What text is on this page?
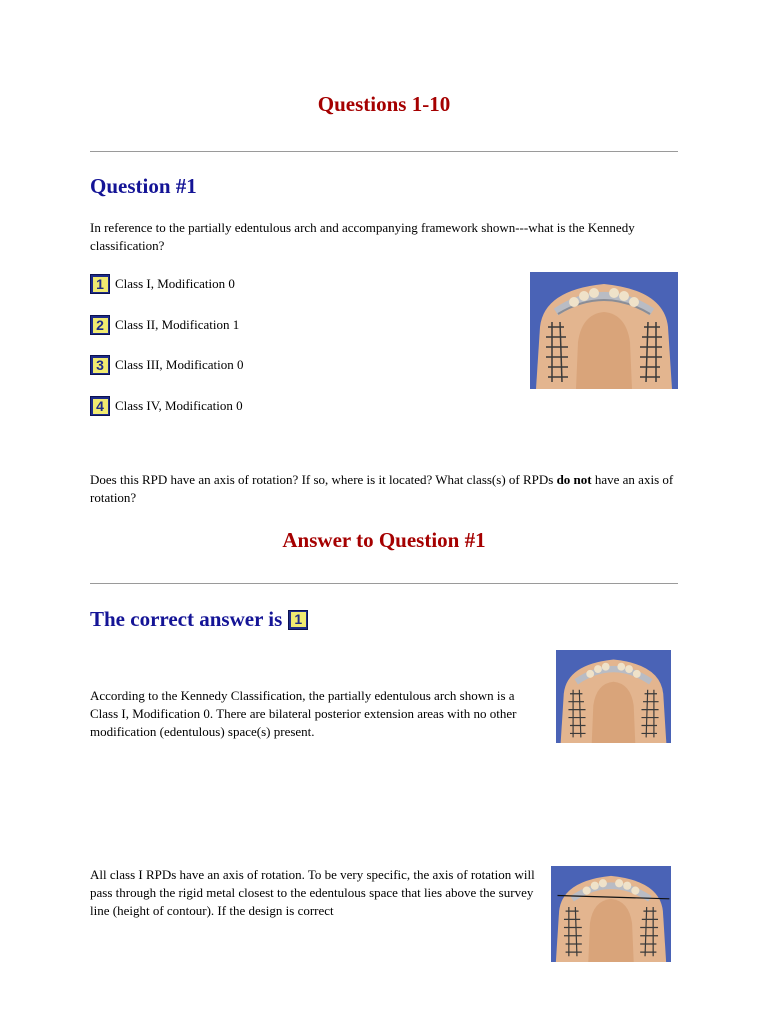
Questions 1-10
Question #1
In reference to the partially edentulous arch and accompanying framework shown---what is the Kennedy classification?
1 Class I, Modification 0
2 Class II, Modification 1
3 Class III, Modification 0
4 Class IV, Modification 0
Does this RPD have an axis of rotation? If so, where is it located? What class(s) of RPDs do not have an axis of rotation?
Answer to Question #1
The correct answer is 1
According to the Kennedy Classification, the partially edentulous arch shown is a Class I, Modification 0. There are bilateral posterior extension areas with no other modification (edentulous) space(s) present.
All class I RPDs have an axis of rotation. To be very specific, the axis of rotation will pass through the rigid metal closest to the edentulous space that lies above the survey line (height of contour). If the design is correct
